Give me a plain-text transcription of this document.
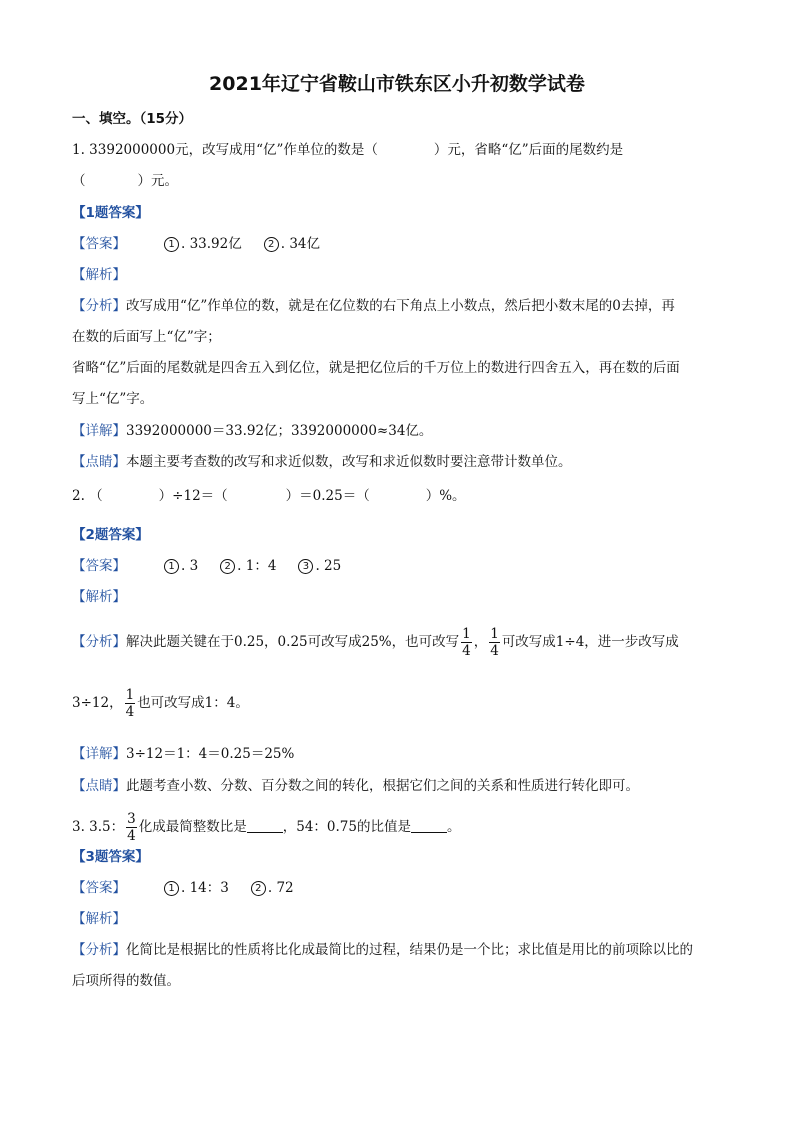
2021年辽宁省鞍山市铁东区小升初数学试卷
一、填空。（15分）
1. 3392000000元，改写成用“亿”作单位的数是（	）元，省略“亿”后面的尾数约是
（	）元。
【1题答案】
【答案】	1 . 33.92亿	2 . 34亿
【解析】
【分析】改写成用“亿”作单位的数，就是在亿位数的右下角点上小数点，然后把小数末尾的0去掉，再
在数的后面写上“亿”字；
省略“亿”后面的尾数就是四舍五入到亿位，就是把亿位后的千万位上的数进行四舍五入，再在数的后面
写上“亿”字。
【详解】3392000000＝33.92亿；3392000000≈34亿。
【点睛】本题主要考查数的改写和求近似数，改写和求近似数时要注意带计数单位。
2. （	）÷12＝（	）＝0.25＝（	）%。
【2题答案】
【答案】	1 . 3	2 . 1：4	3 . 25
【解析】
【分析】解决此题关键在于0.25，0.25可改写成25%，也可改写 $\frac{1}{4}$ ， $\frac{1}{4}$ 可改写成1÷4，进一步改写成
3÷12， $\frac{1}{4}$ 也可改写成1：4。
【详解】3÷12＝1：4＝0.25＝25%
【点睛】此题考查小数、分数、百分数之间的转化，根据它们之间的关系和性质进行转化即可。
3. 3.5： $\frac{3}{4}$ 化成最简整数比是	，54：0.75的比值是	。
【3题答案】
【答案】	1 . 14：3	2 . 72
【解析】
【分析】化简比是根据比的性质将比化成最简比的过程，结果仍是一个比；求比值是用比的前项除以比的
后项所得的数值。
